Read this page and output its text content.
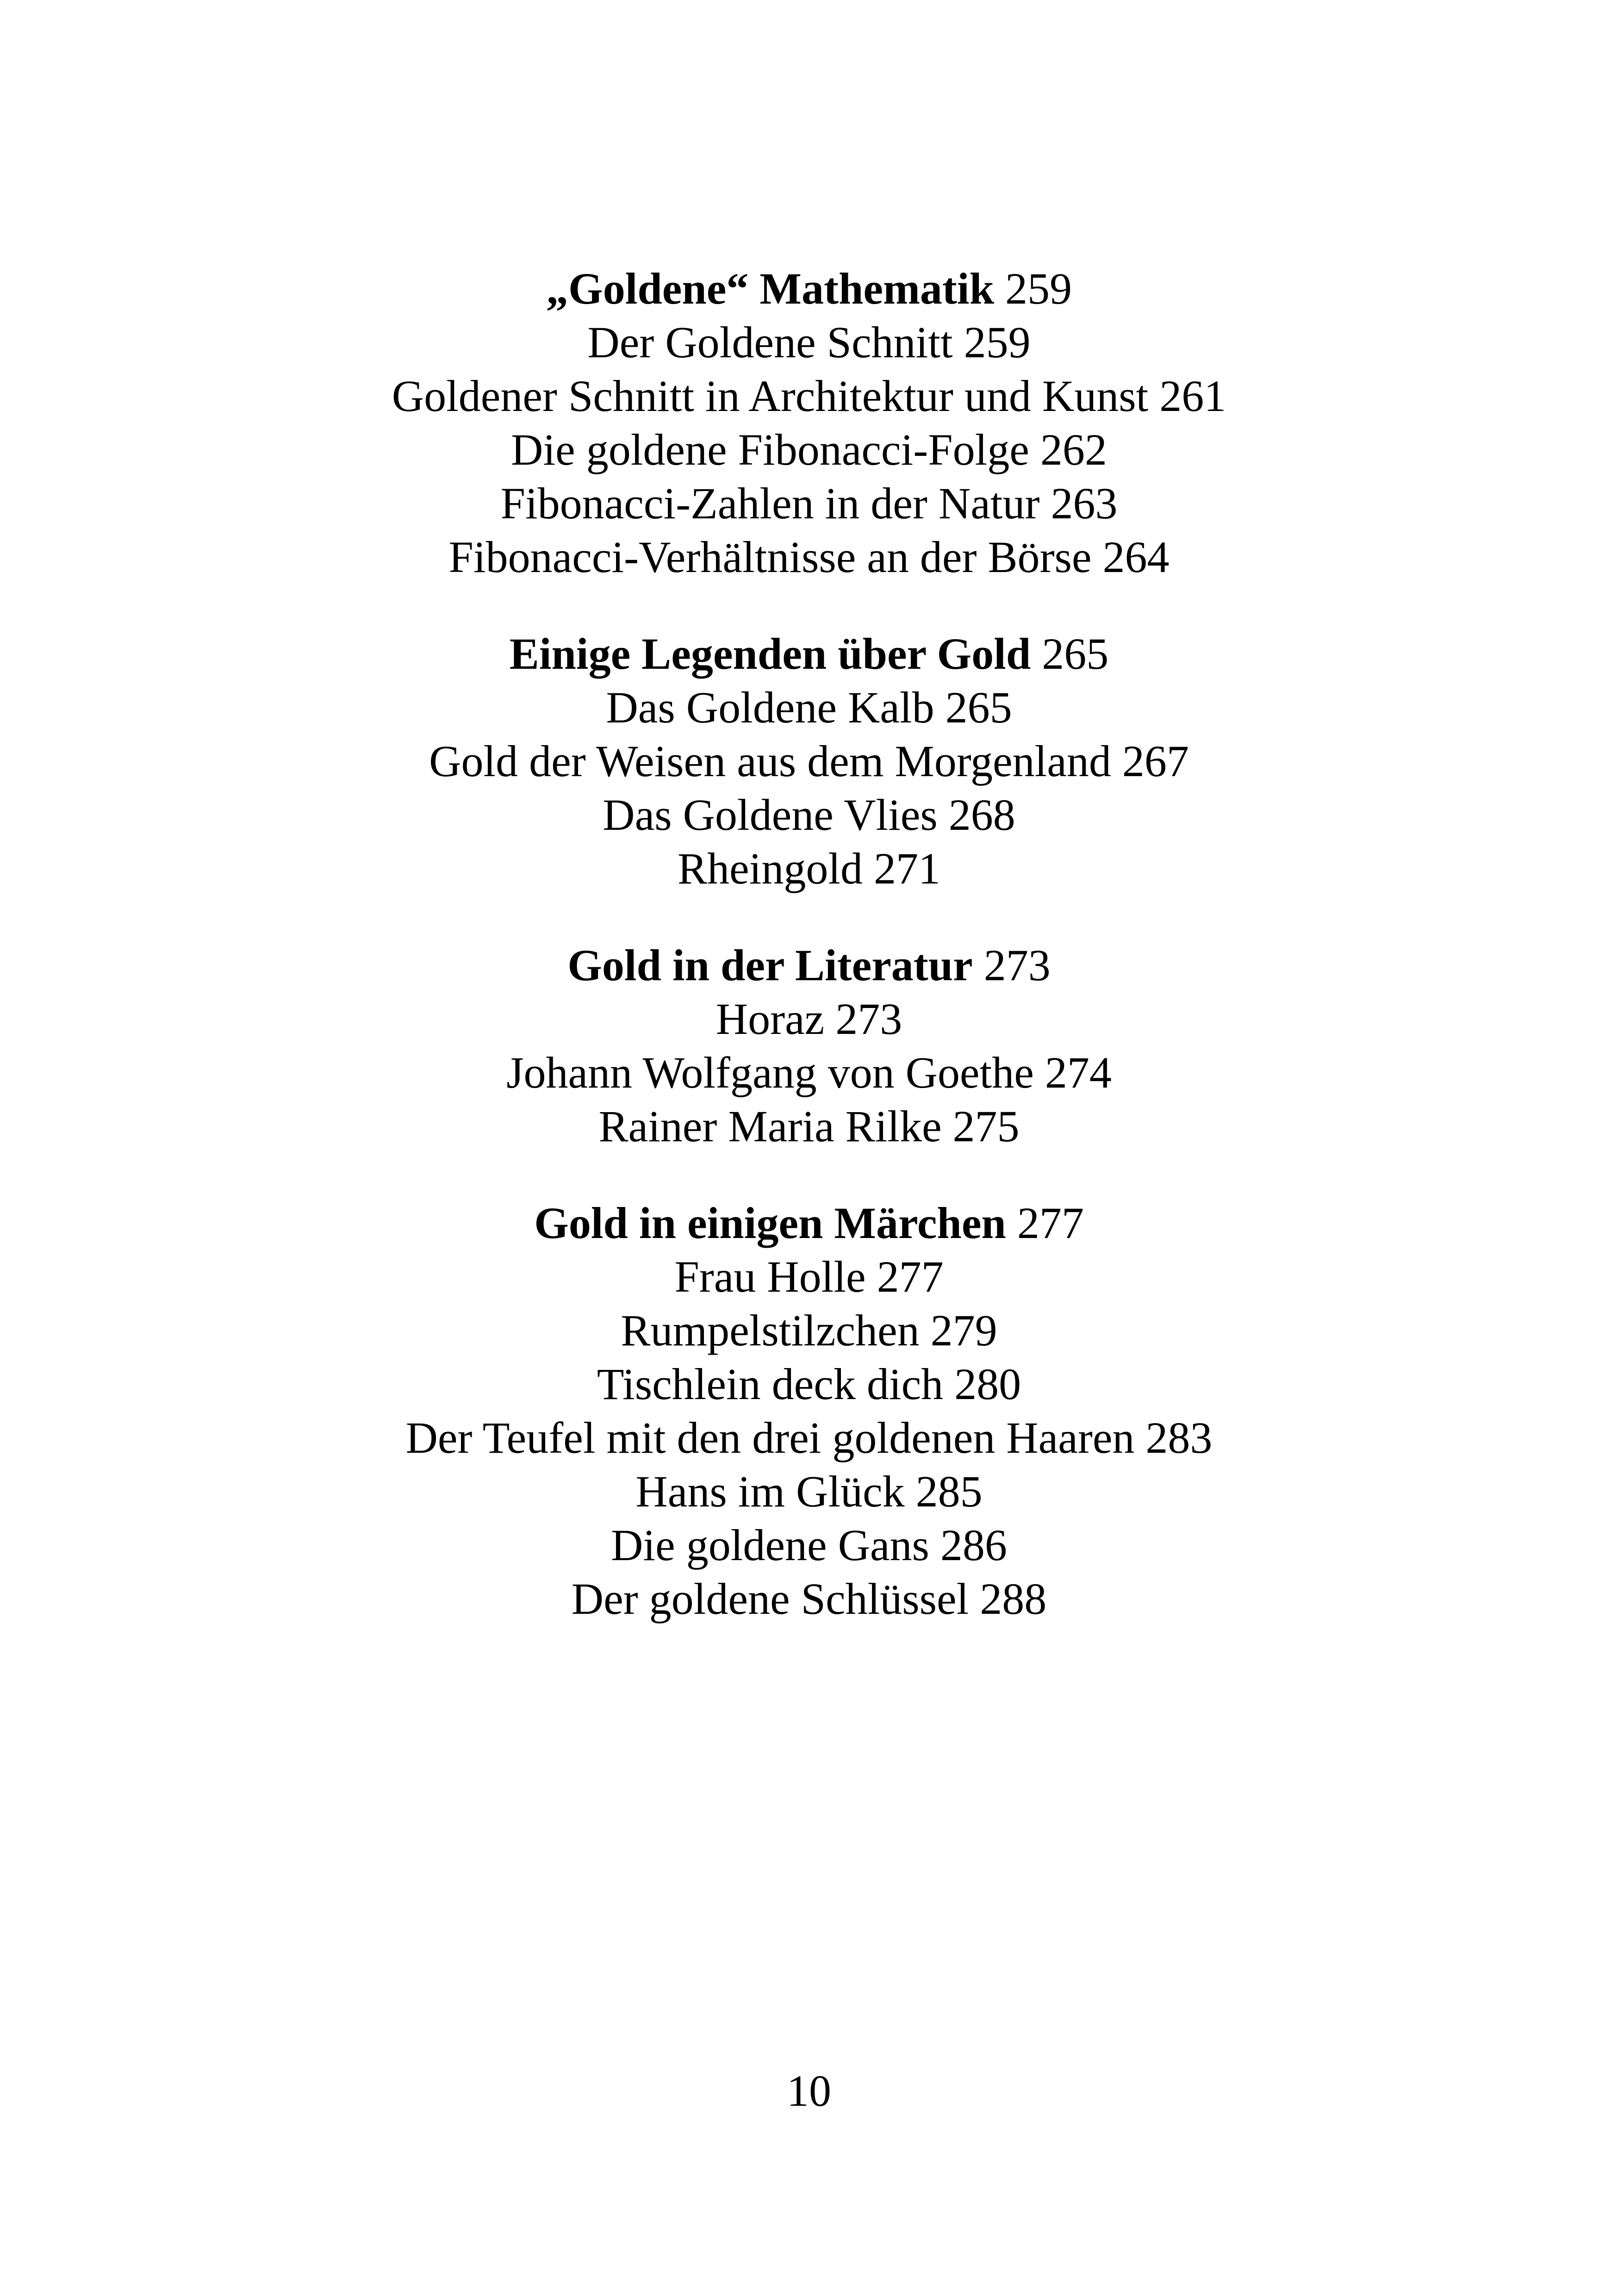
„Goldene“ Mathematik 259
Der Goldene Schnitt 259
Goldener Schnitt in Architektur und Kunst 261
Die goldene Fibonacci-Folge 262
Fibonacci-Zahlen in der Natur 263
Fibonacci-Verhältnisse an der Börse 264
Einige Legenden über Gold 265
Das Goldene Kalb 265
Gold der Weisen aus dem Morgenland 267
Das Goldene Vlies 268
Rheingold 271
Gold in der Literatur 273
Horaz 273
Johann Wolfgang von Goethe 274
Rainer Maria Rilke 275
Gold in einigen Märchen 277
Frau Holle 277
Rumpelstilzchen 279
Tischlein deck dich 280
Der Teufel mit den drei goldenen Haaren 283
Hans im Glück 285
Die goldene Gans 286
Der goldene Schlüssel 288
10
